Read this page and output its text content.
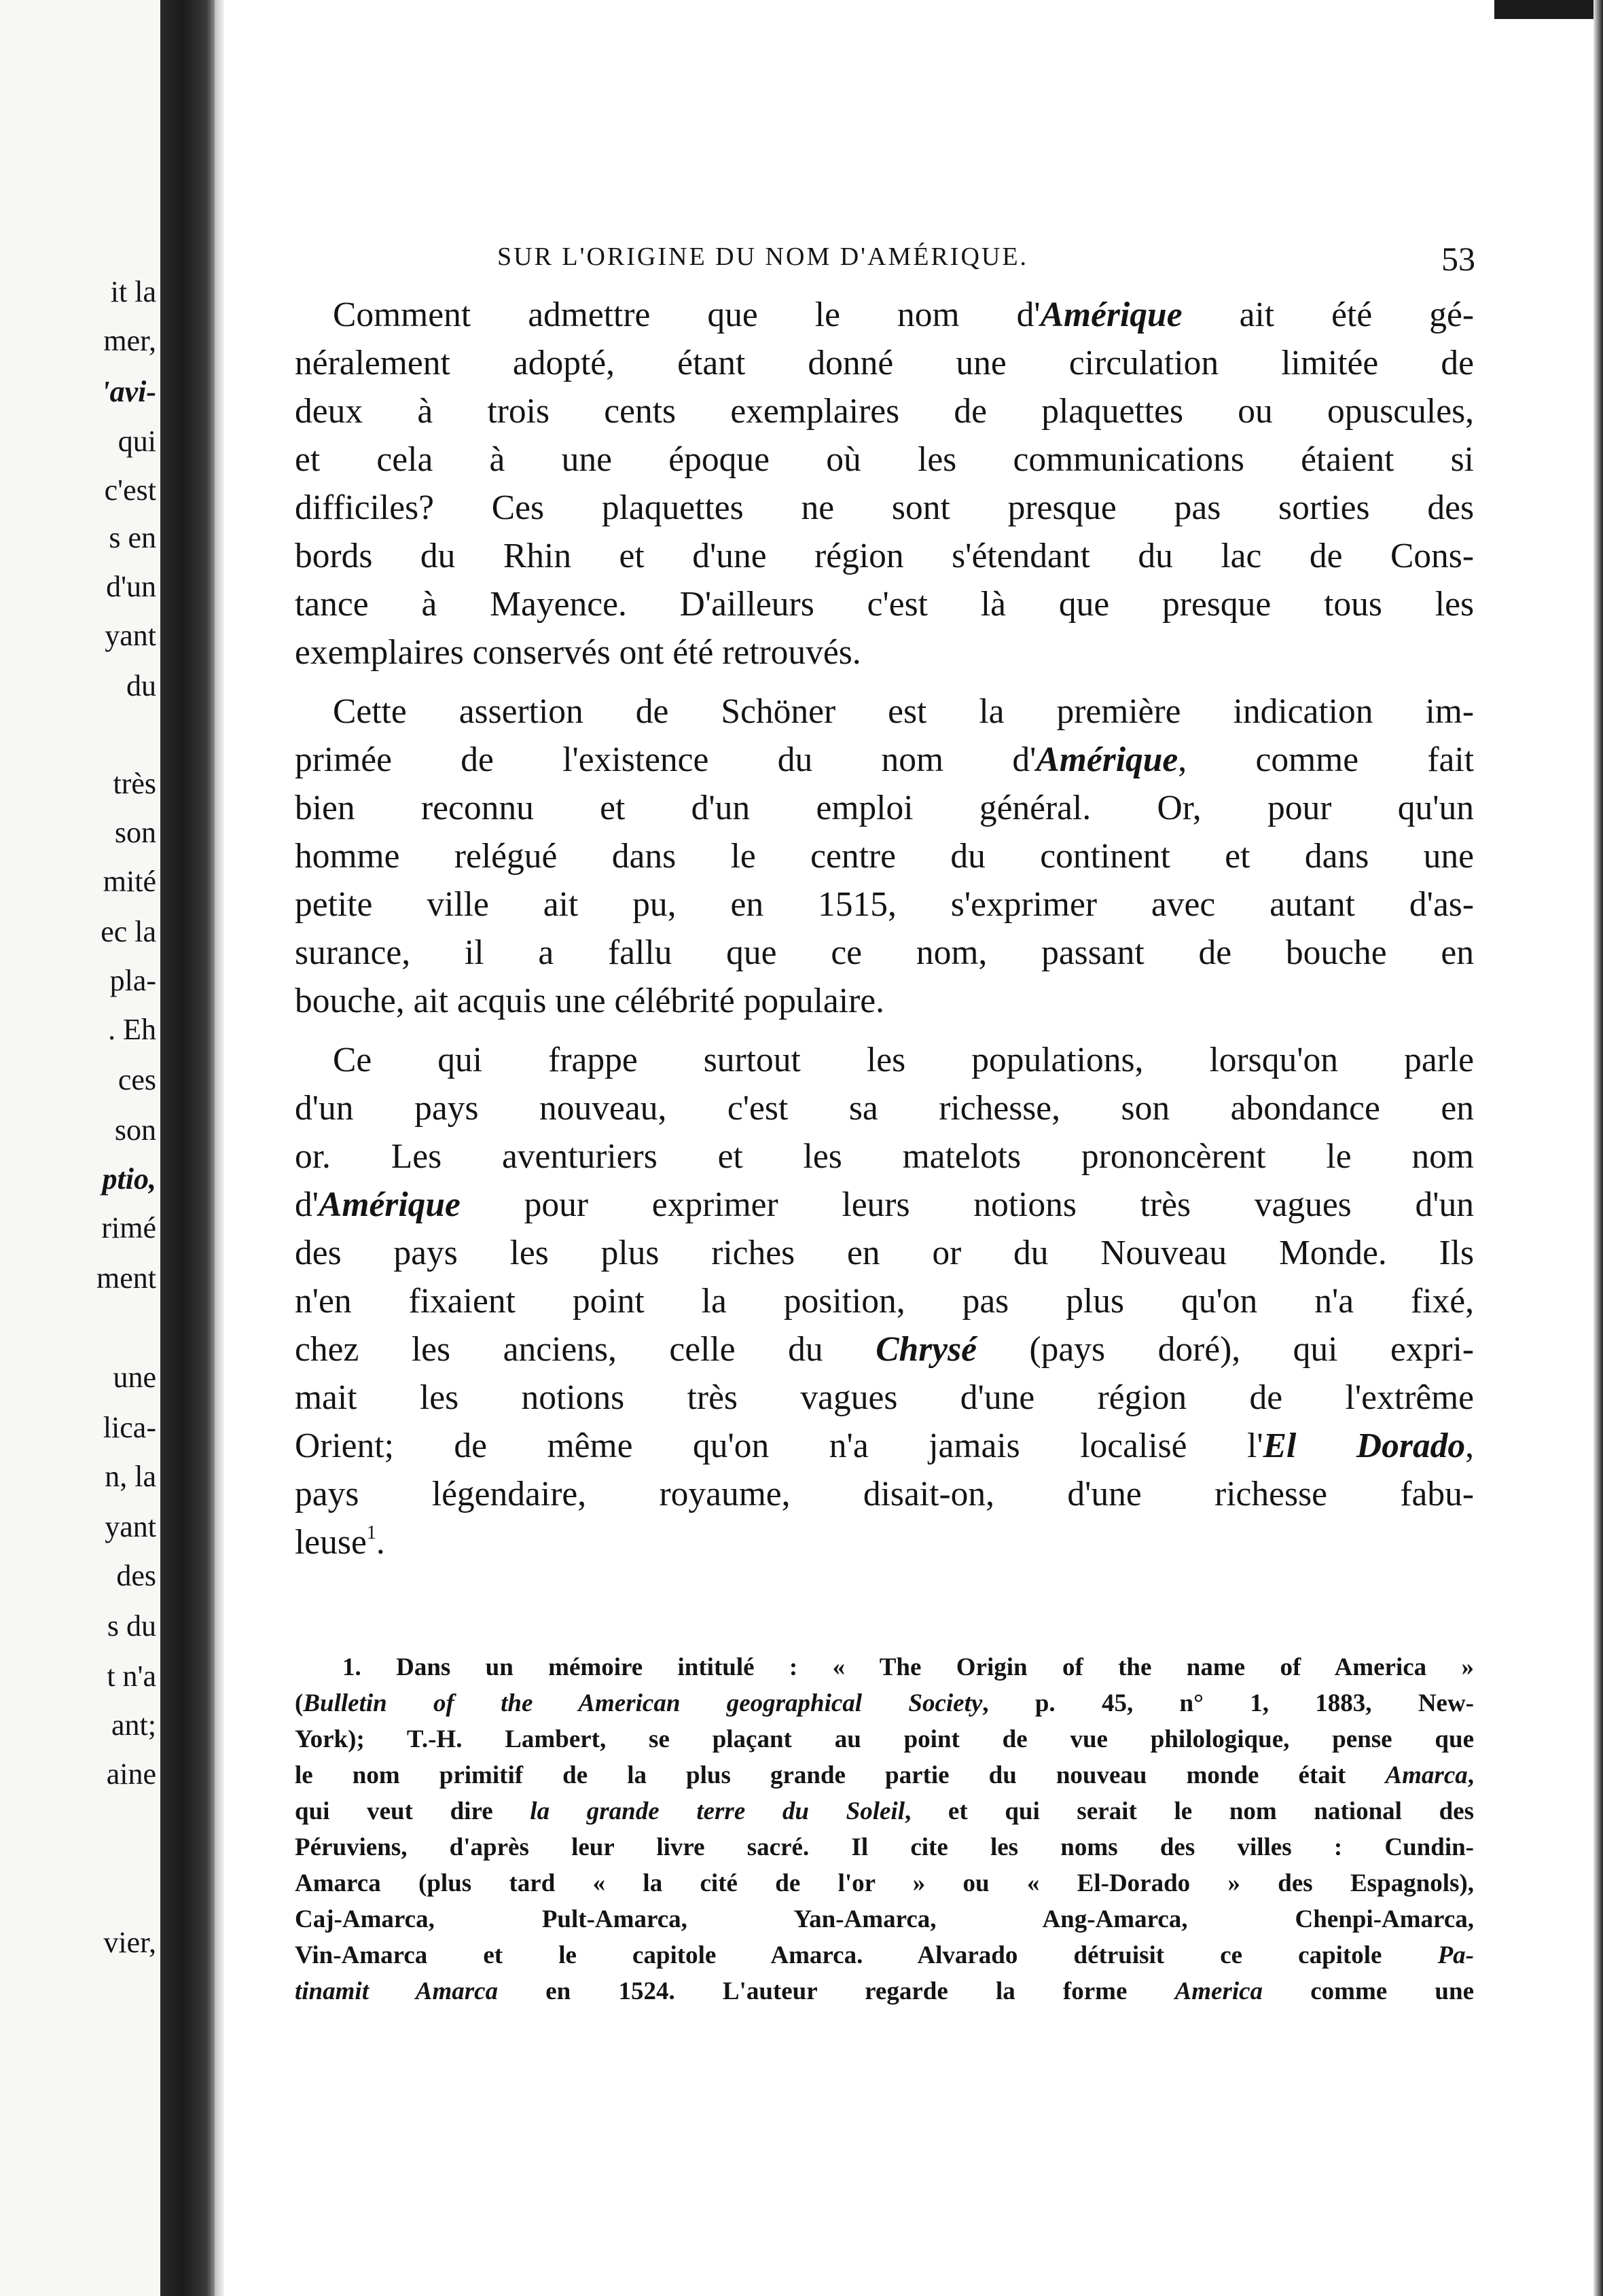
it la
mer,
'avi-
qui
c'est
s en
d'un
yant
du
très
son
mité
ec la
pla-
. Eh
ces
son
ptio,
rimé
ment
une
lica-
n, la
yant
des
s du
t n'a
ant;
aine
vier,
SUR L'ORIGINE DU NOM D'AMÉRIQUE.	53
Comment admettre que le nom d'Amérique ait été gé-
néralement adopté, étant donné une circulation limitée de
deux à trois cents exemplaires de plaquettes ou opuscules,
et cela à une époque où les communications étaient si
difficiles? Ces plaquettes ne sont presque pas sorties des
bords du Rhin et d'une région s'étendant du lac de Cons-
tance à Mayence. D'ailleurs c'est là que presque tous les
exemplaires conservés ont été retrouvés.
Cette assertion de Schöner est la première indication im-
primée de l'existence du nom d'Amérique, comme fait
bien reconnu et d'un emploi général. Or, pour qu'un
homme relégué dans le centre du continent et dans une
petite ville ait pu, en 1515, s'exprimer avec autant d'as-
surance, il a fallu que ce nom, passant de bouche en
bouche, ait acquis une célébrité populaire.
Ce qui frappe surtout les populations, lorsqu'on parle
d'un pays nouveau, c'est sa richesse, son abondance en
or. Les aventuriers et les matelots prononcèrent le nom
d'Amérique pour exprimer leurs notions très vagues d'un
des pays les plus riches en or du Nouveau Monde. Ils
n'en fixaient point la position, pas plus qu'on n'a fixé,
chez les anciens, celle du Chrysé (pays doré), qui expri-
mait les notions très vagues d'une région de l'extrême
Orient; de même qu'on n'a jamais localisé l'El Dorado,
pays légendaire, royaume, disait-on, d'une richesse fabu-
leuse$^1$.
1. Dans un mémoire intitulé : « The Origin of the name of America »
(Bulletin of the American geographical Society, p. 45, n° 1, 1883, New-
York); T.-H. Lambert, se plaçant au point de vue philologique, pense que
le nom primitif de la plus grande partie du nouveau monde était Amarca,
qui veut dire la grande terre du Soleil, et qui serait le nom national des
Péruviens, d'après leur livre sacré. Il cite les noms des villes : Cundin-
Amarca (plus tard « la cité de l'or » ou « El-Dorado » des Espagnols),
Caj-Amarca, Pult-Amarca, Yan-Amarca, Ang-Amarca, Chenpi-Amarca,
Vin-Amarca et le capitole Amarca. Alvarado détruisit ce capitole Pa-
tinamit Amarca en 1524. L'auteur regarde la forme America comme une
